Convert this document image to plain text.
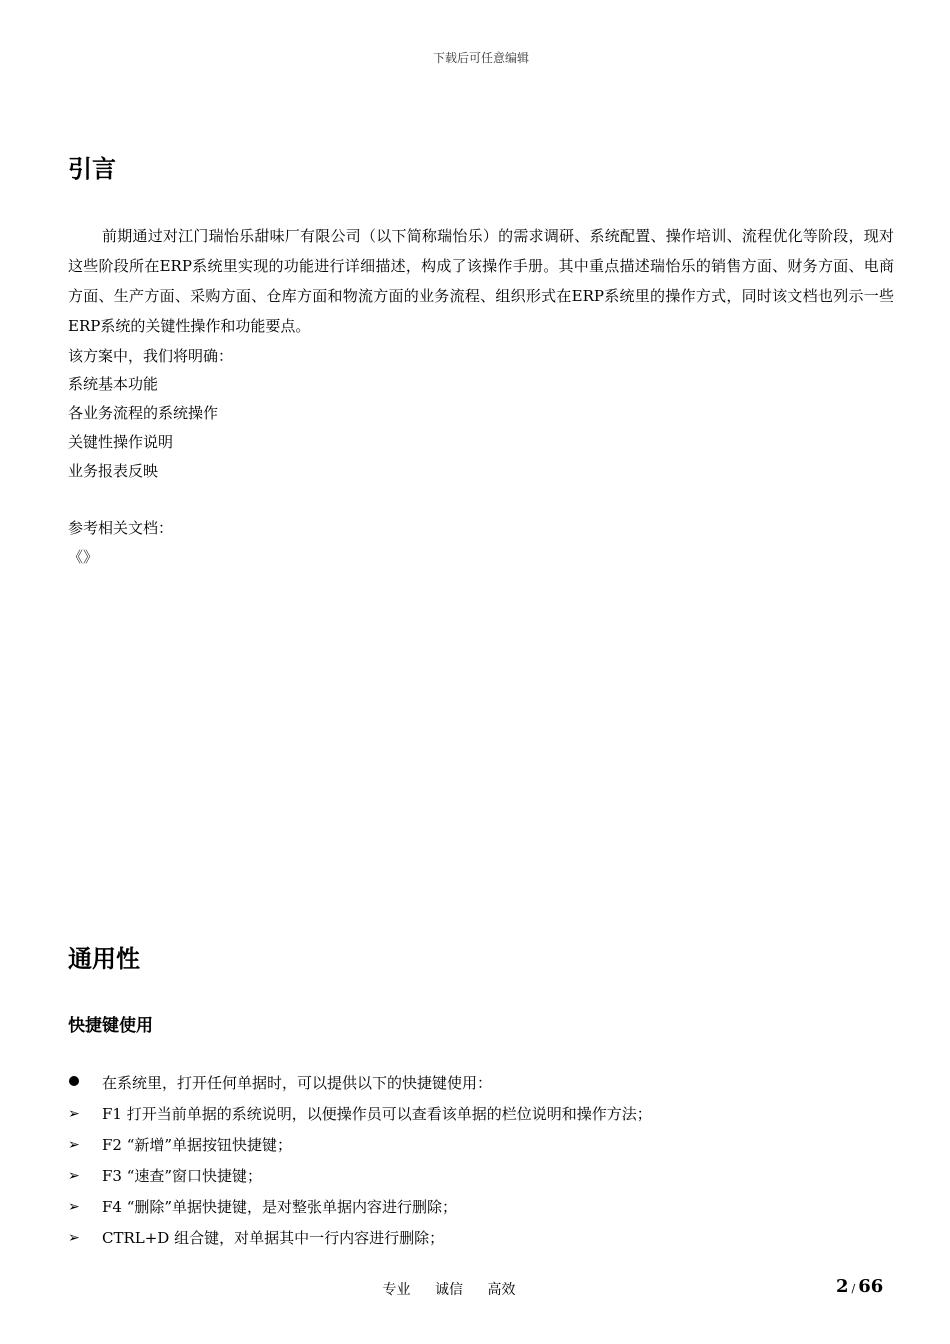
下载后可任意编辑
引言

前期通过对江门瑞怡乐甜味厂有限公司（以下简称瑞怡乐）的需求调研、系统配置、操作培训、流程优化等阶段，现对这些阶段所在ERP系统里实现的功能进行详细描述，构成了该操作手册。其中重点描述瑞怡乐的销售方面、财务方面、电商方面、生产方面、采购方面、仓库方面和物流方面的业务流程、组织形式在ERP系统里的操作方式，同时该文档也列示一些ERP系统的关键性操作和功能要点。

该方案中，我们将明确：

系统基本功能

各业务流程的系统操作

关键性操作说明

业务报表反映

参考相关文档：

《》

通用性
快捷键使用
在系统里，打开任何单据时，可以提供以下的快捷键使用：
➢	F1 打开当前单据的系统说明，以便操作员可以查看该单据的栏位说明和操作方法；
➢	F2 “新增”单据按钮快捷键；
➢	F3 “速查”窗口快捷键；
➢	F4 “删除”单据快捷键，是对整张单据内容进行删除；
➢	CTRL+D 组合键，对单据其中一行内容进行删除；
专业 诚信 高效	2 / 66
